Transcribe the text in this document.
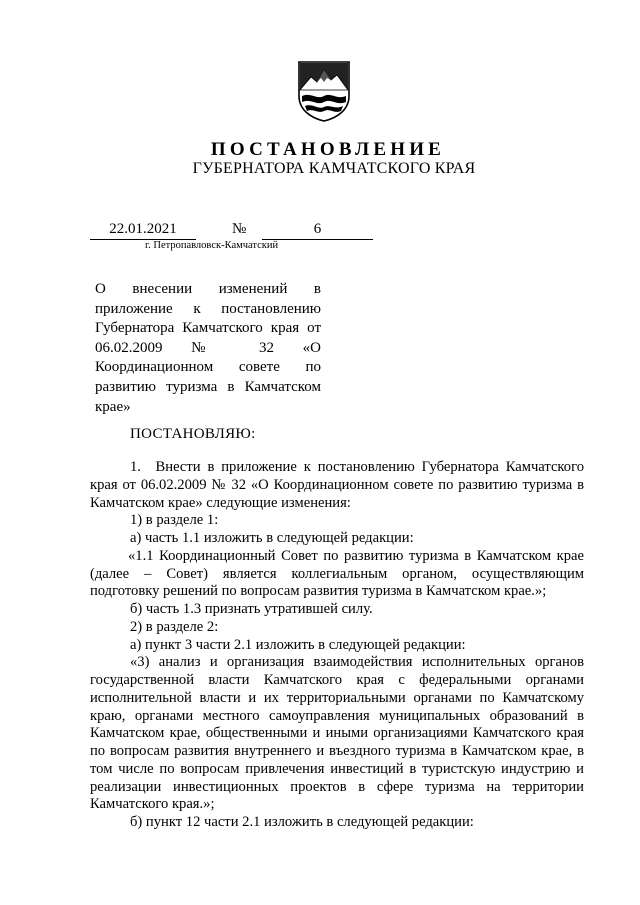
ПОСТАНОВЛЕНИЕ
ГУБЕРНАТОРА КАМЧАТСКОГО КРАЯ
22.01.2021	№	6
г. Петропавловск-Камчатский
О внесении изменений в приложение к постановлению Губернатора Камчатского края от 06.02.2009 № 32 «О Координационном совете по развитию туризма в Камчатском крае»
ПОСТАНОВЛЯЮ:

1. Внести в приложение к постановлению Губернатора Камчатского края от 06.02.2009 № 32 «О Координационном совете по развитию туризма в Камчатском крае» следующие изменения:

1) в разделе 1:

а) часть 1.1 изложить в следующей редакции:

«1.1 Координационный Совет по развитию туризма в Камчатском крае (далее – Совет) является коллегиальным органом, осуществляющим подготовку решений по вопросам развития туризма в Камчатском крае.»;

б) часть 1.3 признать утратившей силу.

2) в разделе 2:

а) пункт 3 части 2.1 изложить в следующей редакции:

«3) анализ и организация взаимодействия исполнительных органов государственной власти Камчатского края с федеральными органами исполнительной власти и их территориальными органами по Камчатскому краю, органами местного самоуправления муниципальных образований в Камчатском крае, общественными и иными организациями Камчатского края по вопросам развития внутреннего и въездного туризма в Камчатском крае, в том числе по вопросам привлечения инвестиций в туристскую индустрию и реализации инвестиционных проектов в сфере туризма на территории Камчатского края.»;

б) пункт 12 части 2.1 изложить в следующей редакции:
